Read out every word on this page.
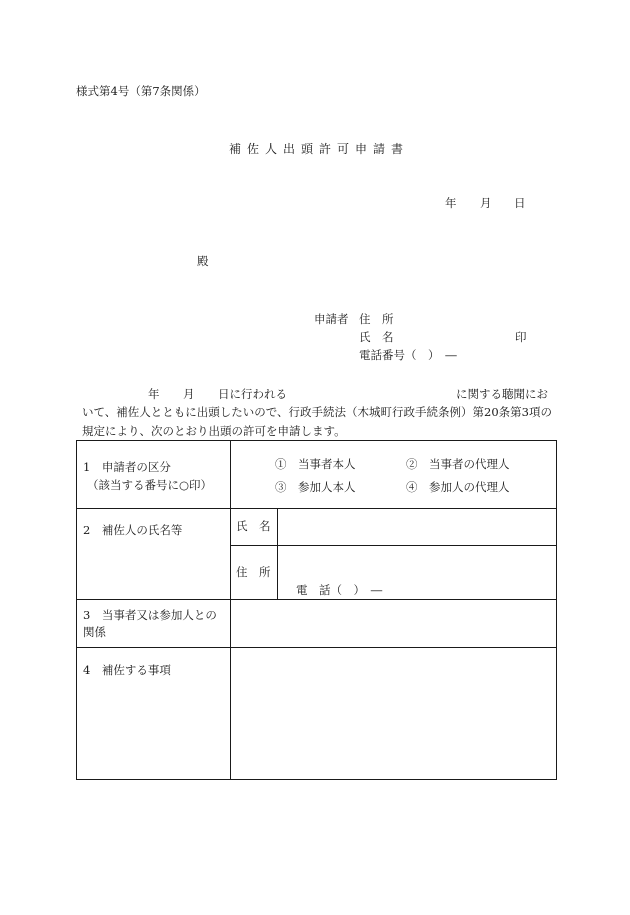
様式第4号（第7条関係）
補佐人出頭許可申請書
年 月 日
殿
申請者 住　所
氏　名	印
電話番号（　）　―
年 月 日に行われる	に関する聴聞にお
いて、補佐人とともに出頭したいので、行政手続法（木城町行政手続条例）第20条第3項の
規定により、次のとおり出頭の許可を申請します。
1　申請者の区分
（該当する番号に○印）	①　当事者本人 ②　当事者の代理人
③　参加人本人 ④　参加人の代理人	

2　補佐人の氏名等	氏　名	

	住　所	電　話（　）　―

3　当事者又は参加人との
関係		

4　補佐する事項		
